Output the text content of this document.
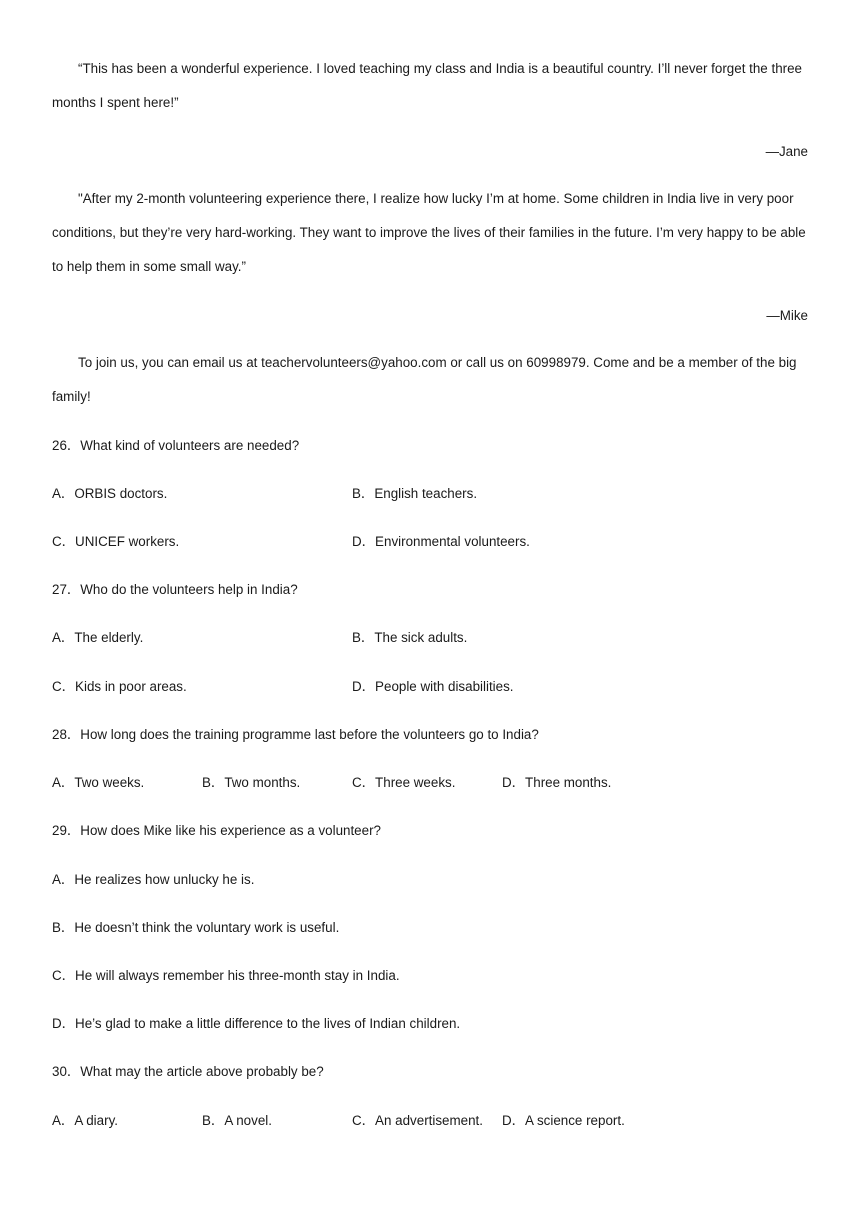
“This has been a wonderful experience. I loved teaching my class and India is a beautiful country. I’ll never forget the three months I spent here!”

—Jane

"After my 2-month volunteering experience there, I realize how lucky I’m at home. Some children in India live in very poor conditions, but they’re very hard-working. They want to improve the lives of their families in the future. I’m very happy to be able to help them in some small way.”

—Mike

To join us, you can email us at teachervolunteers@yahoo.com or call us on 60998979. Come and be a member of the big family!

26．What kind of volunteers are needed?

A．ORBIS doctors.	B．English teachers.

C．UNICEF workers.	D．Environmental volunteers.

27．Who do the volunteers help in India?

A．The elderly.	B．The sick adults.

C．Kids in poor areas.	D．People with disabilities.

28．How long does the training programme last before the volunteers go to India?

A．Two weeks.	B．Two months.	C．Three weeks.	D．Three months.

29．How does Mike like his experience as a volunteer?

A．He realizes how unlucky he is.

B．He doesn’t think the voluntary work is useful.

C．He will always remember his three-month stay in India.

D．He’s glad to make a little difference to the lives of Indian children.

30．What may the article above probably be?

A．A diary.	B．A novel.	C．An advertisement. D．A science report.
